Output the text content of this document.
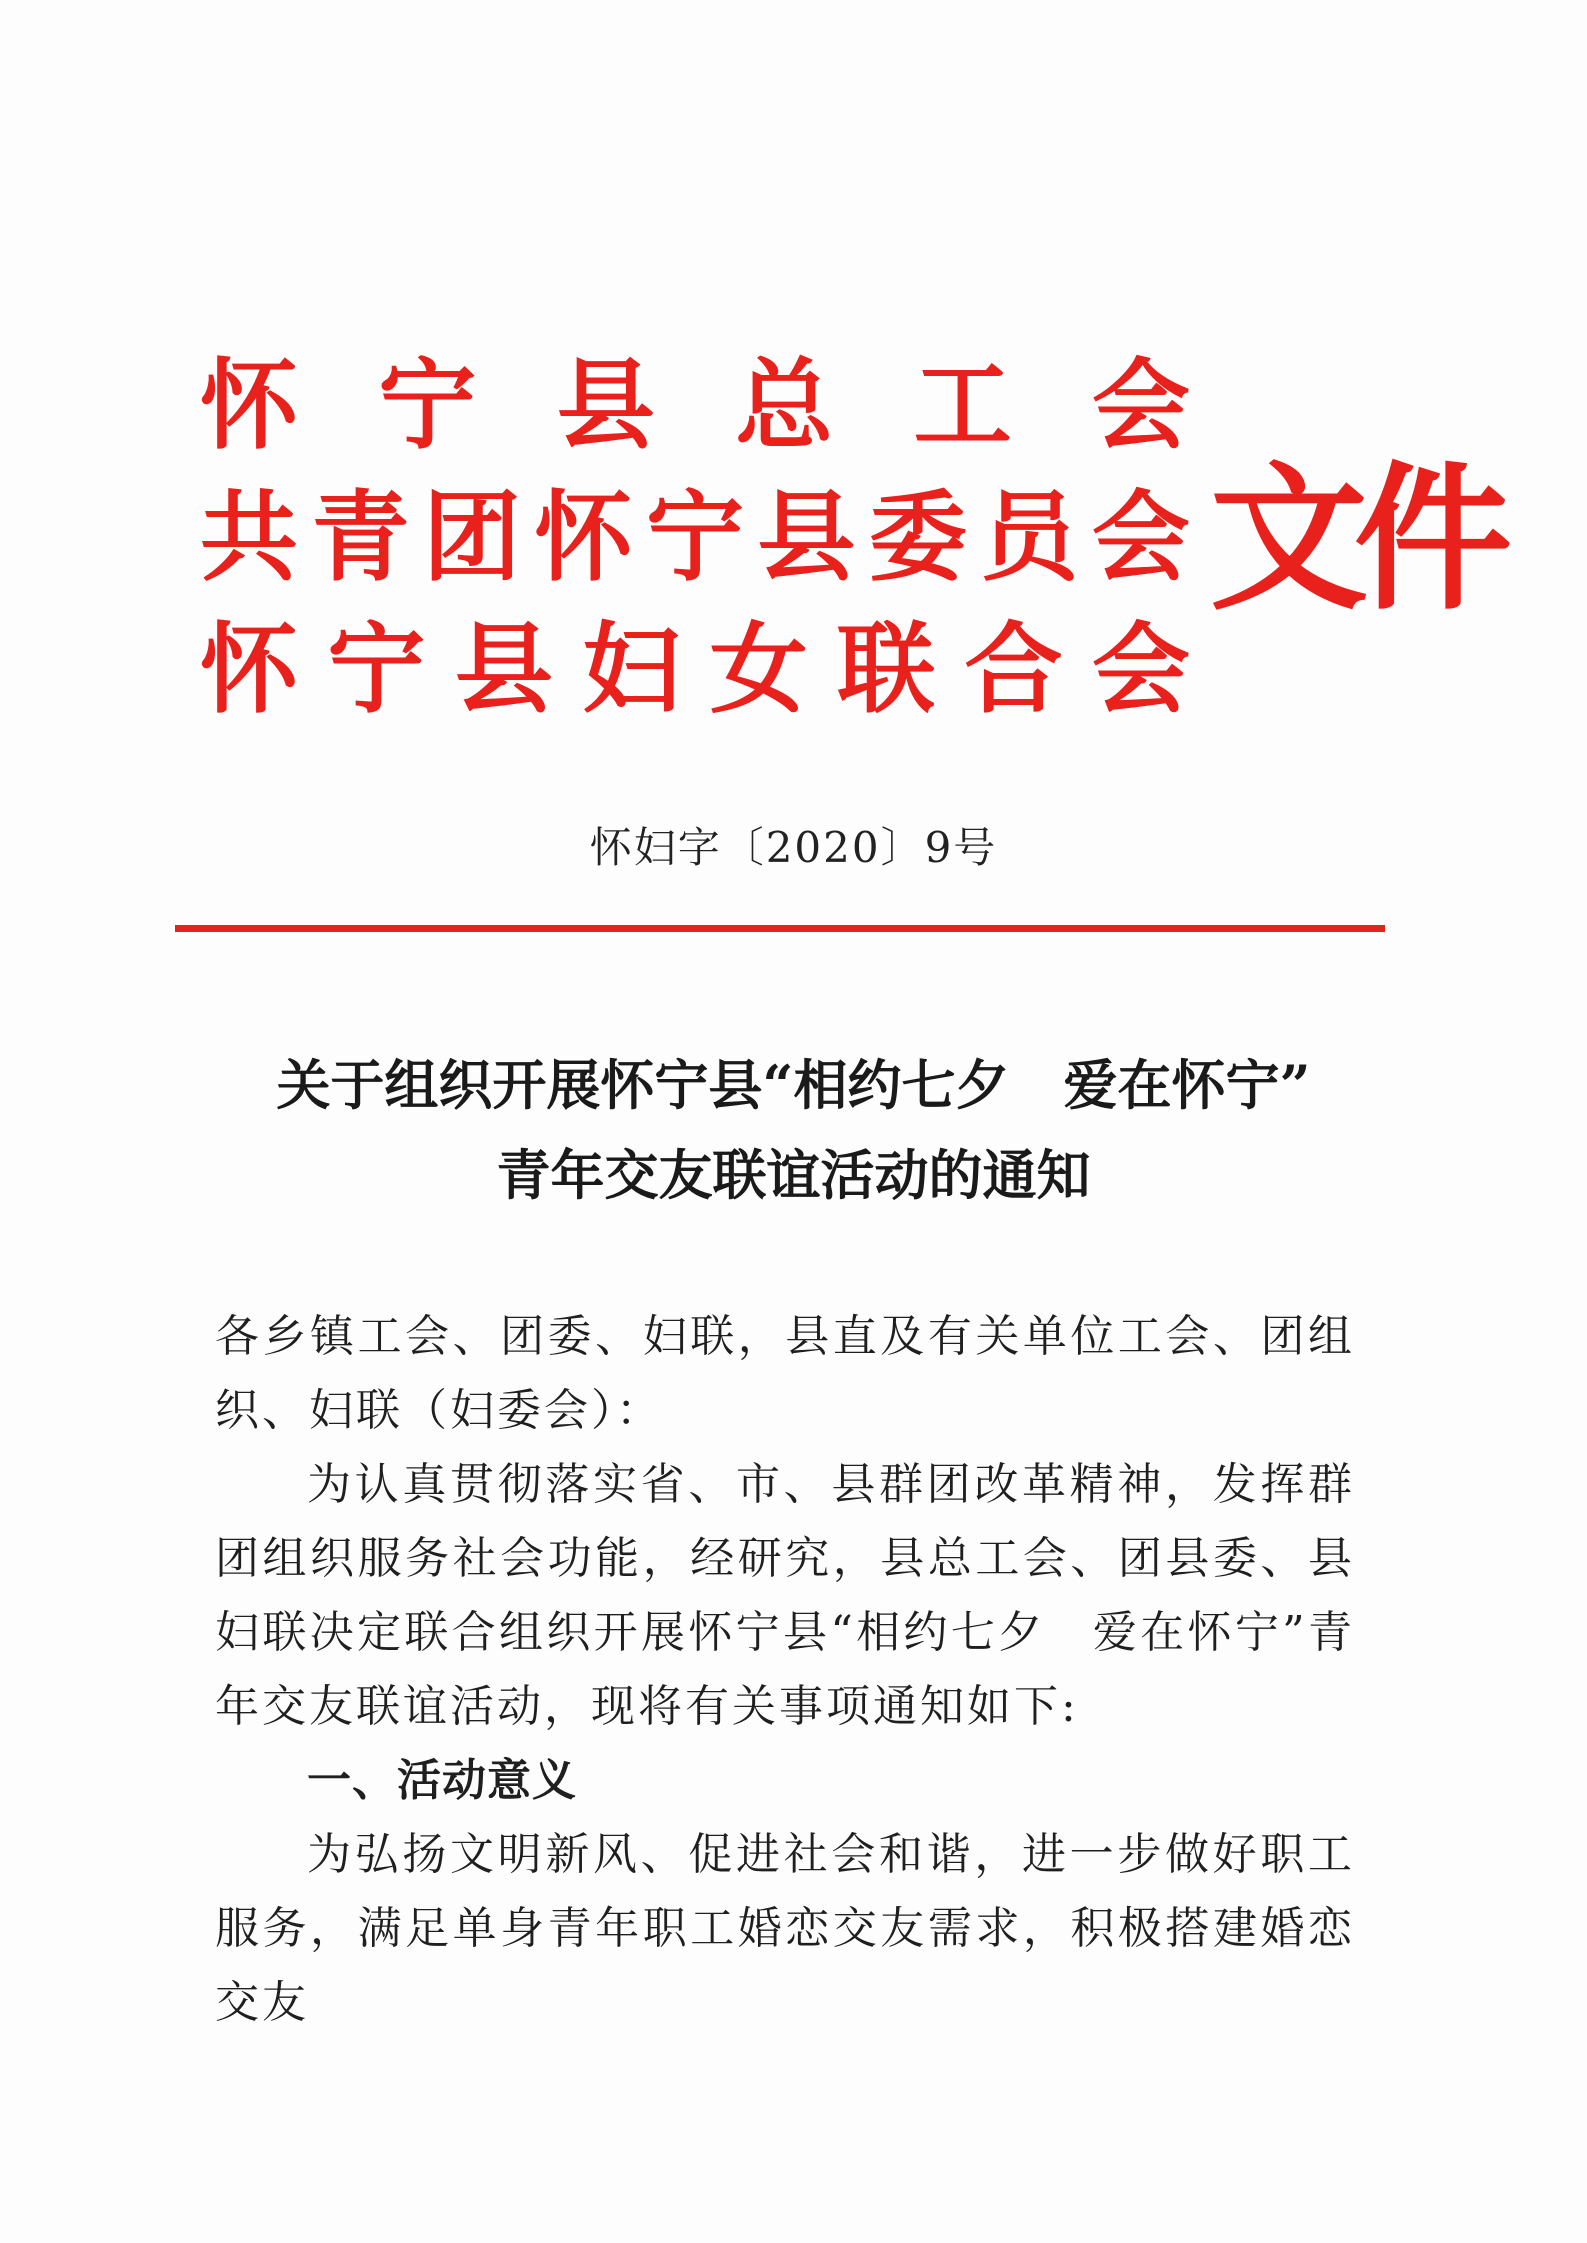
怀 宁 县 总 工 会
共 青 团 怀 宁 县 委 员 会
怀 宁 县 妇 女 联 合 会
文件
怀妇字〔2020〕9号
关于组织开展怀宁县“相约七夕　爱在怀宁”
青年交友联谊活动的通知

各乡镇工会、团委、妇联，县直及有关单位工会、团组织、妇联（妇委会）：

为认真贯彻落实省、市、县群团改革精神，发挥群团组织服务社会功能，经研究，县总工会、团县委、县妇联决定联合组织开展怀宁县“相约七夕　爱在怀宁”青年交友联谊活动，现将有关事项通知如下:

一、活动意义

为弘扬文明新风、促进社会和谐，进一步做好职工服务，满足单身青年职工婚恋交友需求，积极搭建婚恋交友
